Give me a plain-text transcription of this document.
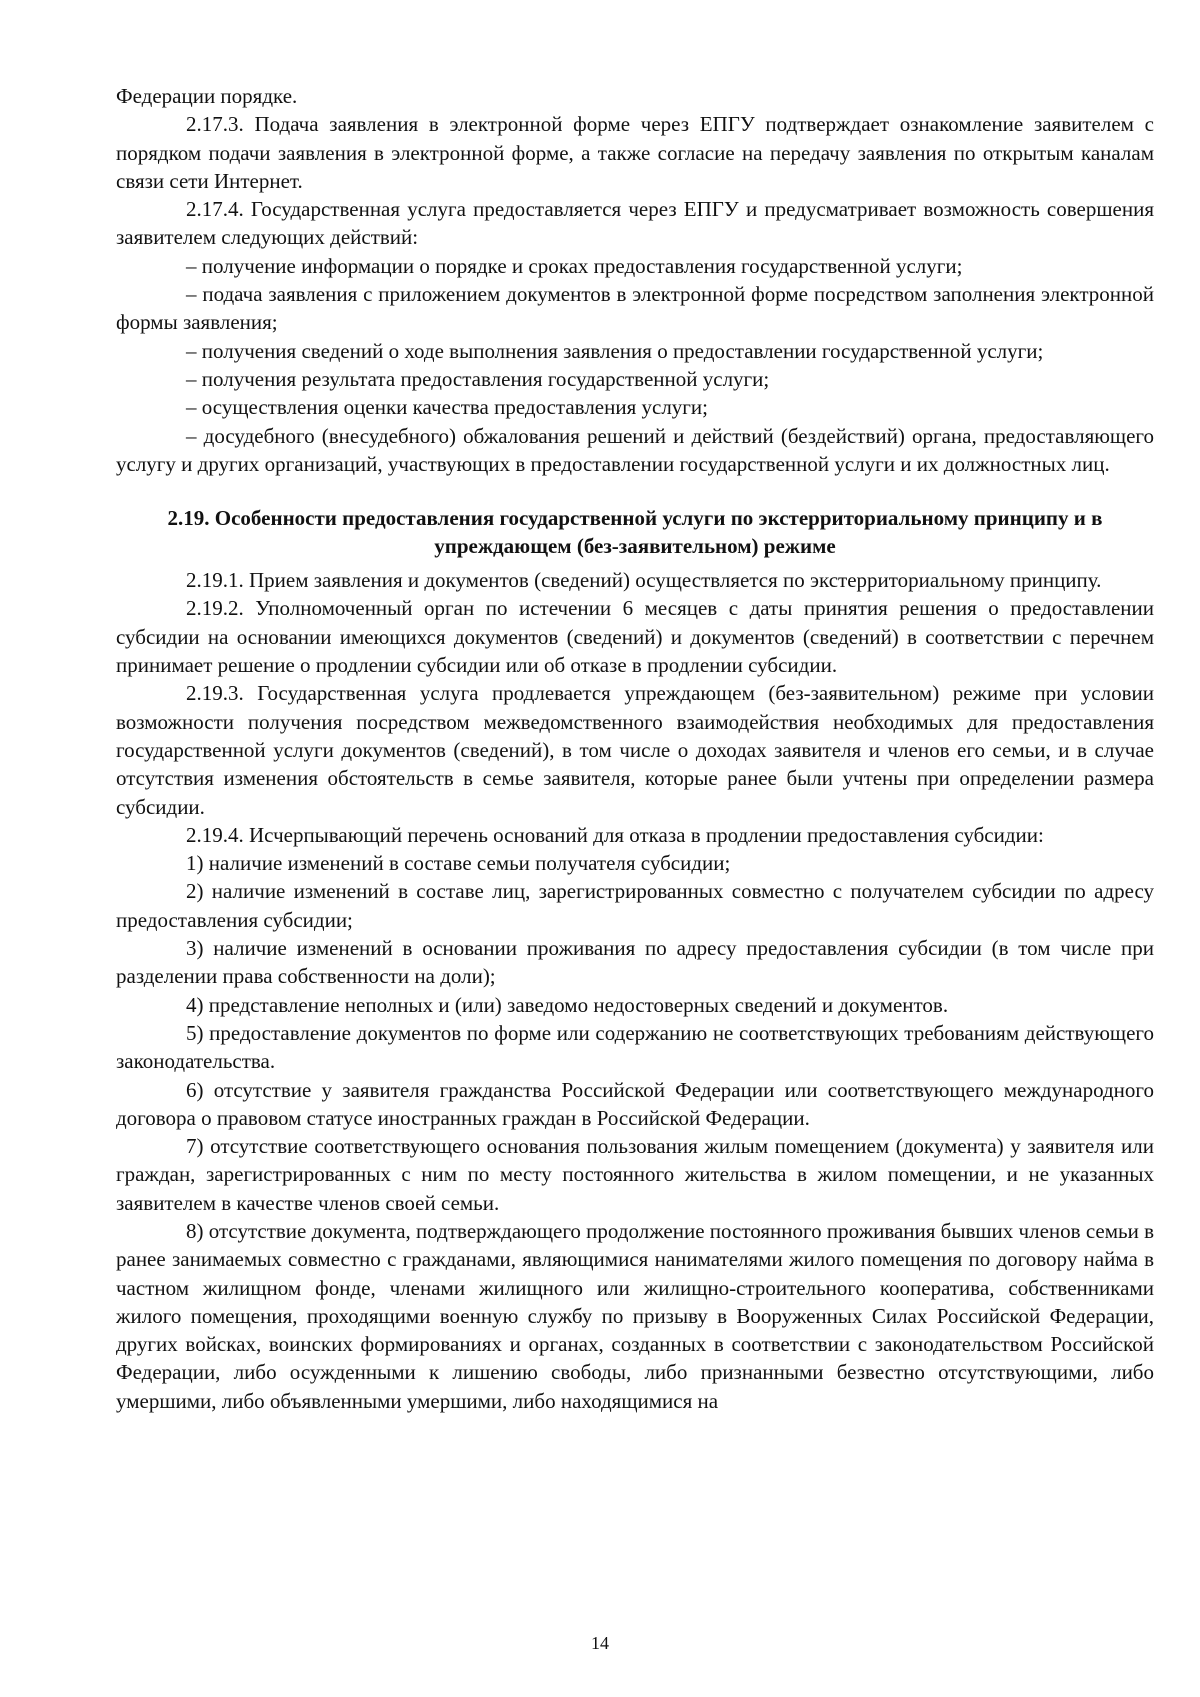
Федерации порядке.

2.17.3. Подача заявления в электронной форме через ЕПГУ подтверждает ознакомление заявителем с порядком подачи заявления в электронной форме, а также согласие на передачу заявления по открытым каналам связи сети Интернет.

2.17.4. Государственная услуга предоставляется через ЕПГУ и предусматривает возможность совершения заявителем следующих действий:

– получение информации о порядке и сроках предоставления государственной услуги;

– подача заявления с приложением документов в электронной форме посредством заполнения электронной формы заявления;

– получения сведений о ходе выполнения заявления о предоставлении государственной услуги;

– получения результата предоставления государственной услуги;

– осуществления оценки качества предоставления услуги;

– досудебного (внесудебного) обжалования решений и действий (бездействий) органа, предоставляющего услугу и других организаций, участвующих в предоставлении государственной услуги и их должностных лиц.

2.19. Особенности предоставления государственной услуги по экстерриториальному принципу и в упреждающем (без-заявительном) режиме

2.19.1. Прием заявления и документов (сведений) осуществляется по экстерриториальному принципу.

2.19.2. Уполномоченный орган по истечении 6 месяцев с даты принятия решения о предоставлении субсидии на основании имеющихся документов (сведений) и документов (сведений) в соответствии с перечнем принимает решение о продлении субсидии или об отказе в продлении субсидии.

2.19.3. Государственная услуга продлевается упреждающем (без-заявительном) режиме при условии возможности получения посредством межведомственного взаимодействия необходимых для предоставления государственной услуги документов (сведений), в том числе о доходах заявителя и членов его семьи, и в случае отсутствия изменения обстоятельств в семье заявителя, которые ранее были учтены при определении размера субсидии.

2.19.4. Исчерпывающий перечень оснований для отказа в продлении предоставления субсидии:

1) наличие изменений в составе семьи получателя субсидии;

2) наличие изменений в составе лиц, зарегистрированных совместно с получателем субсидии по адресу предоставления субсидии;

3) наличие изменений в основании проживания по адресу предоставления субсидии (в том числе при разделении права собственности на доли);

4) представление неполных и (или) заведомо недостоверных сведений и документов.

5) предоставление документов по форме или содержанию не соответствующих требованиям действующего законодательства.

6) отсутствие у заявителя гражданства Российской Федерации или соответствующего международного договора о правовом статусе иностранных граждан в Российской Федерации.

7) отсутствие соответствующего основания пользования жилым помещением (документа) у заявителя или граждан, зарегистрированных с ним по месту постоянного жительства в жилом помещении, и не указанных заявителем в качестве членов своей семьи.

8) отсутствие документа, подтверждающего продолжение постоянного проживания бывших членов семьи в ранее занимаемых совместно с гражданами, являющимися нанимателями жилого помещения по договору найма в частном жилищном фонде, членами жилищного или жилищно-строительного кооператива, собственниками жилого помещения, проходящими военную службу по призыву в Вооруженных Силах Российской Федерации, других войсках, воинских формированиях и органах, созданных в соответствии с законодательством Российской Федерации, либо осужденными к лишению свободы, либо признанными безвестно отсутствующими, либо умершими, либо объявленными умершими, либо находящимися на

14
